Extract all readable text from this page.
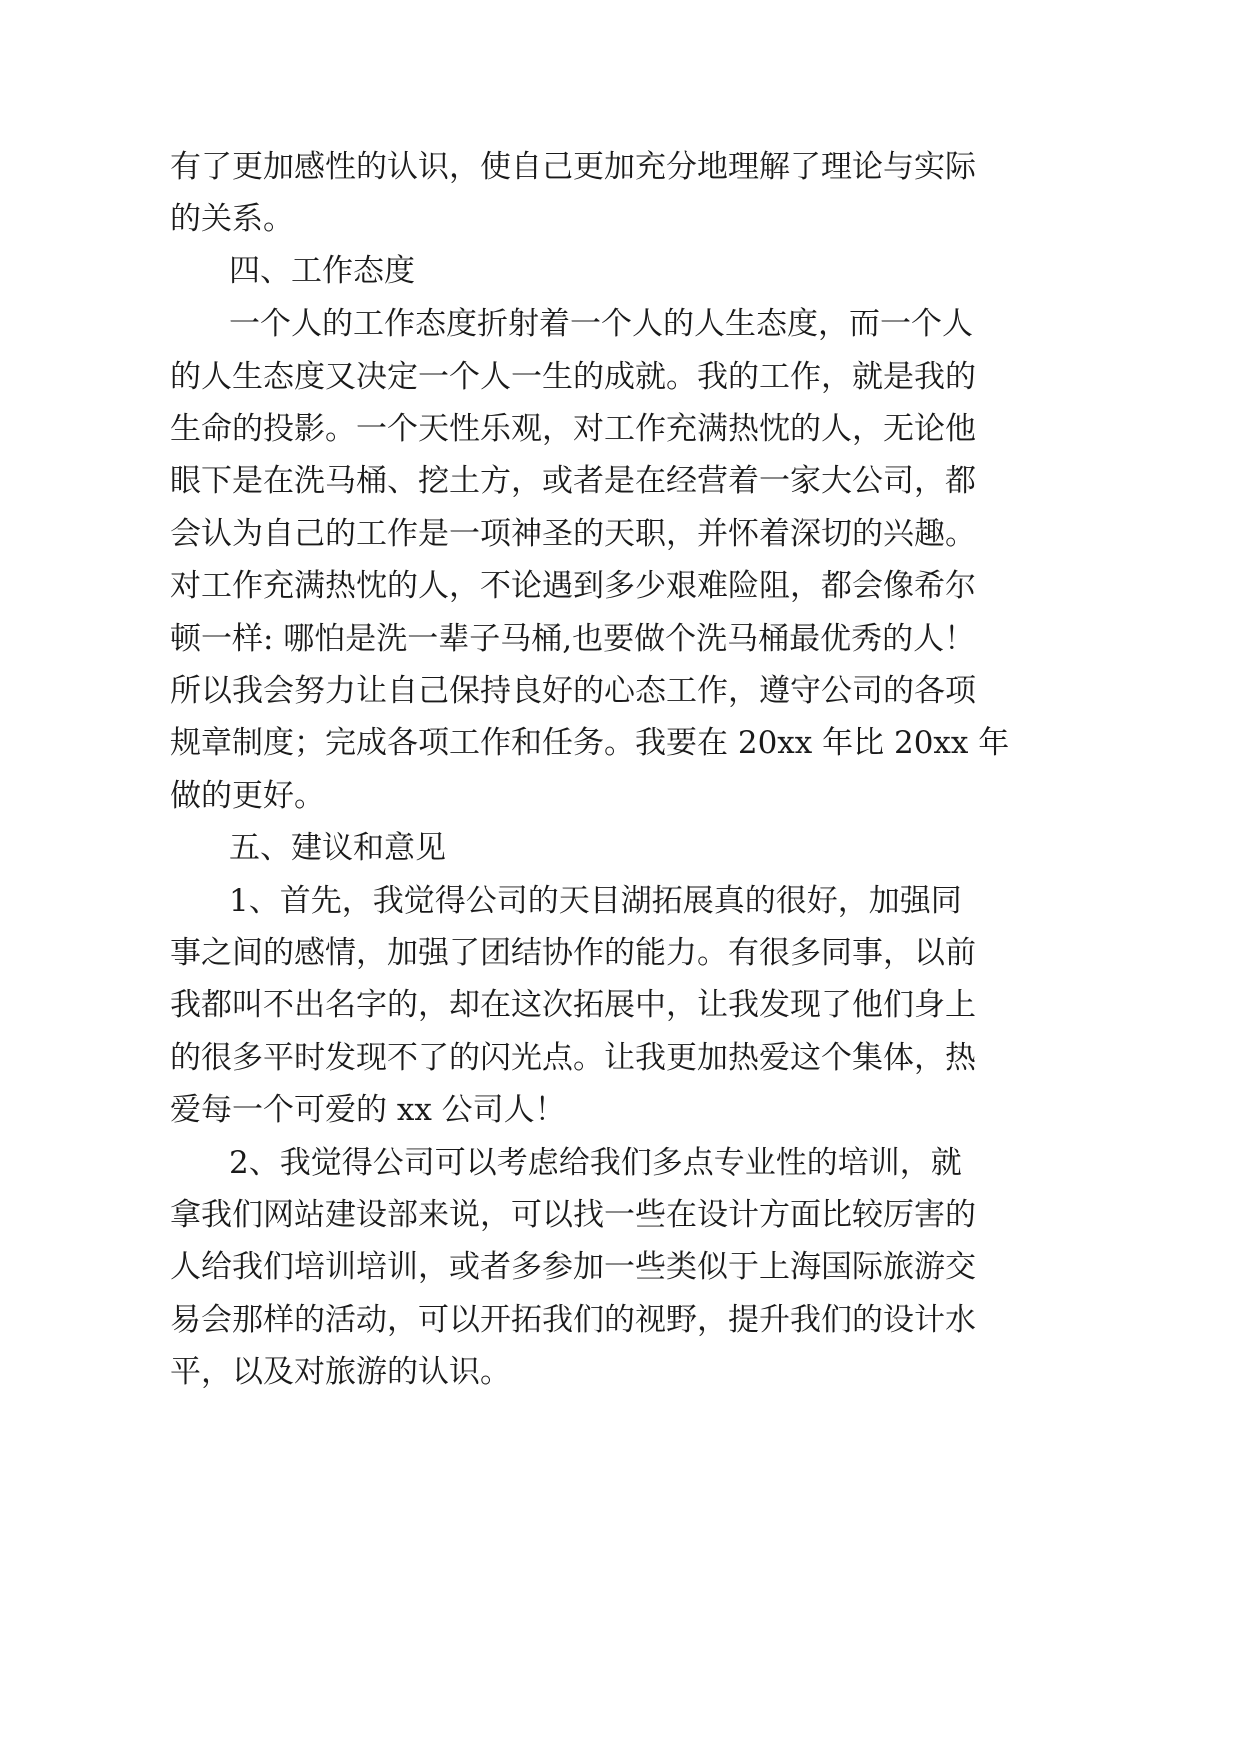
有了更加感性的认识，使自己更加充分地理解了理论与实际

的关系。

四、工作态度

一个人的工作态度折射着一个人的人生态度，而一个人

的人生态度又决定一个人一生的成就。我的工作，就是我的

生命的投影。一个天性乐观，对工作充满热忱的人，无论他

眼下是在洗马桶、挖土方，或者是在经营着一家大公司，都

会认为自己的工作是一项神圣的天职，并怀着深切的兴趣。

对工作充满热忱的人，不论遇到多少艰难险阻，都会像希尔

顿一样: 哪怕是洗一辈子马桶,也要做个洗马桶最优秀的人！

所以我会努力让自己保持良好的心态工作，遵守公司的各项

规章制度；完成各项工作和任务。我要在 20xx 年比 20xx 年

做的更好。

五、建议和意见

1、首先，我觉得公司的天目湖拓展真的很好，加强同

事之间的感情，加强了团结协作的能力。有很多同事，以前

我都叫不出名字的，却在这次拓展中，让我发现了他们身上

的很多平时发现不了的闪光点。让我更加热爱这个集体，热

爱每一个可爱的 xx 公司人！

2、我觉得公司可以考虑给我们多点专业性的培训，就

拿我们网站建设部来说，可以找一些在设计方面比较厉害的

人给我们培训培训，或者多参加一些类似于上海国际旅游交

易会那样的活动，可以开拓我们的视野，提升我们的设计水

平，以及对旅游的认识。
